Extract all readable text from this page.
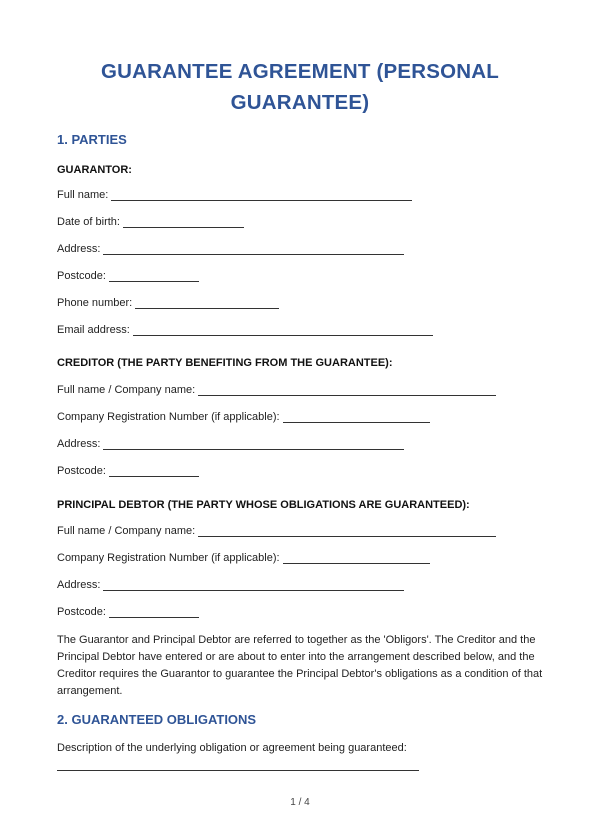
GUARANTEE AGREEMENT (PERSONAL
GUARANTEE)
1. PARTIES
GUARANTOR:
Full name:
Date of birth:
Address:
Postcode:
Phone number:
Email address:
CREDITOR (THE PARTY BENEFITING FROM THE GUARANTEE):
Full name / Company name:
Company Registration Number (if applicable):
Address:
Postcode:
PRINCIPAL DEBTOR (THE PARTY WHOSE OBLIGATIONS ARE GUARANTEED):
Full name / Company name:
Company Registration Number (if applicable):
Address:
Postcode:
The Guarantor and Principal Debtor are referred to together as the 'Obligors'. The Creditor and the Principal Debtor have entered or are about to enter into the arrangement described below, and the Creditor requires the Guarantor to guarantee the Principal Debtor's obligations as a condition of that arrangement.
2. GUARANTEED OBLIGATIONS
Description of the underlying obligation or agreement being guaranteed:
1 / 4
